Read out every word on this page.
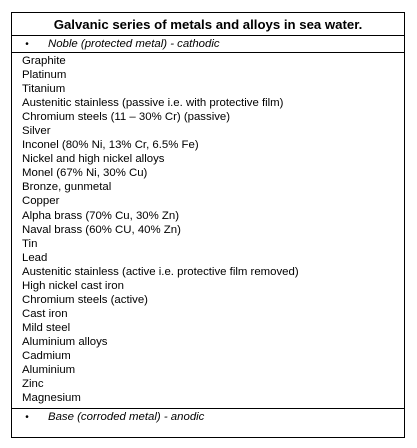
Galvanic series of metals and alloys in sea water.
•	Noble (protected metal) - cathodic
Graphite
Platinum
Titanium
Austenitic stainless (passive i.e. with protective film)
Chromium steels (11 – 30% Cr) (passive)
Silver
Inconel (80% Ni, 13% Cr, 6.5% Fe)
Nickel and high nickel alloys
Monel (67% Ni, 30% Cu)
Bronze, gunmetal
Copper
Alpha brass (70% Cu, 30% Zn)
Naval brass (60% CU, 40% Zn)
Tin
Lead
Austenitic stainless (active i.e. protective film removed)
High nickel cast iron
Chromium steels (active)
Cast iron
Mild steel
Aluminium alloys
Cadmium
Aluminium
Zinc
Magnesium
•	Base (corroded metal) - anodic
